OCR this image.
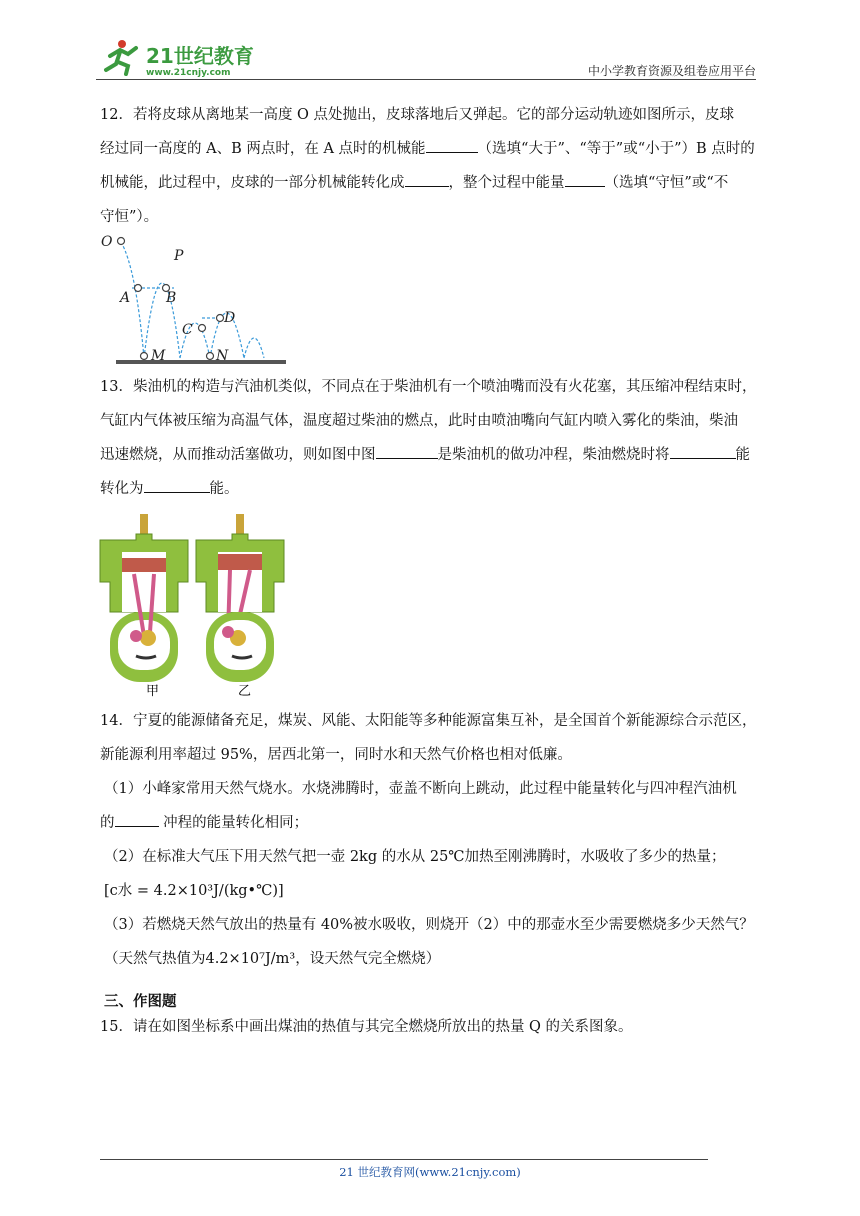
21世纪教育
www.21cnjy.com	中小学教育资源及组卷应用平台
12．若将皮球从离地某一高度 O 点处抛出，皮球落地后又弹起。它的部分运动轨迹如图所示，皮球
经过同一高度的 A、B 两点时，在 A 点时的机械能	（选填“大于”、“等于”或“小于”）B 点时的
机械能，此过程中，皮球的一部分机械能转化成	，整个过程中能量	（选填“守恒”或“不
守恒”）。
O
P
A	B
C
D
M	N
13．柴油机的构造与汽油机类似，不同点在于柴油机有一个喷油嘴而没有火花塞，其压缩冲程结束时，
气缸内气体被压缩为高温气体，温度超过柴油的燃点，此时由喷油嘴向气缸内喷入雾化的柴油，柴油
迅速燃烧，从而推动活塞做功，则如图中图	是柴油机的做功冲程，柴油燃烧时将	能
转化为	能。
甲	乙
14．宁夏的能源储备充足，煤炭、风能、太阳能等多种能源富集互补，是全国首个新能源综合示范区，
新能源利用率超过 95%，居西北第一，同时水和天然气价格也相对低廉。
（1）小峰家常用天然气烧水。水烧沸腾时，壶盖不断向上跳动，此过程中能量转化与四冲程汽油机
的	冲程的能量转化相同；
（2）在标准大气压下用天然气把一壶 2kg 的水从 25℃加热至刚沸腾时，水吸收了多少的热量；
[c水 = 4.2×10³J/(kg•℃)]
（3）若燃烧天然气放出的热量有 40%被水吸收，则烧开（2）中的那壶水至少需要燃烧多少天然气？
（天然气热值为4.2×10⁷J/m³，设天然气完全燃烧）
三、作图题
15．请在如图坐标系中画出煤油的热值与其完全燃烧所放出的热量 Q 的关系图象。
21 世纪教育网(www.21cnjy.com)
